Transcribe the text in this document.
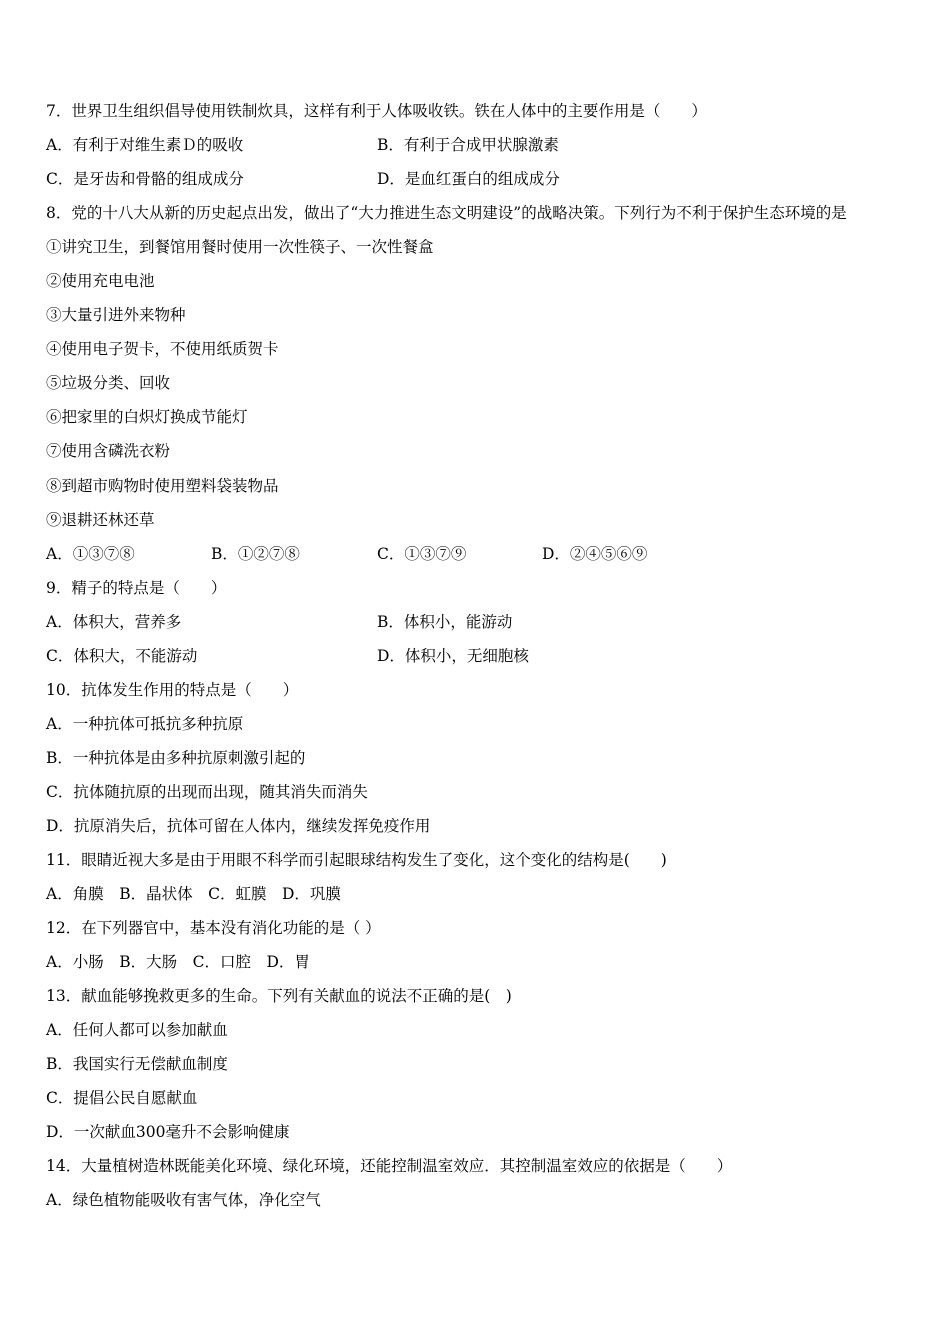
7．世界卫生组织倡导使用铁制炊具，这样有利于人体吸收铁。铁在人体中的主要作用是（　　）
A．有利于对维生素Ｄ的吸收	B．有利于合成甲状腺激素
C．是牙齿和骨骼的组成成分	D．是血红蛋白的组成成分
8．党的十八大从新的历史起点出发，做出了“大力推进生态文明建设”的战略决策。下列行为不利于保护生态环境的是
①讲究卫生，到餐馆用餐时使用一次性筷子、一次性餐盒
②使用充电电池
③大量引进外来物种
④使用电子贺卡，不使用纸质贺卡
⑤垃圾分类、回收
⑥把家里的白炽灯换成节能灯
⑦使用含磷洗衣粉
⑧到超市购物时使用塑料袋装物品
⑨退耕还林还草
A．①③⑦⑧	B．①②⑦⑧	C．①③⑦⑨	D．②④⑤⑥⑨
9．精子的特点是（　　）
A．体积大，营养多	B．体积小，能游动
C．体积大，不能游动	D．体积小，无细胞核
10．抗体发生作用的特点是（　　）
A．一种抗体可抵抗多种抗原
B．一种抗体是由多种抗原刺激引起的
C．抗体随抗原的出现而出现，随其消失而消失
D．抗原消失后，抗体可留在人体内，继续发挥免疫作用
11．眼睛近视大多是由于用眼不科学而引起眼球结构发生了变化，这个变化的结构是(　　)
A．角膜　B．晶状体　C．虹膜　D．巩膜
12．在下列器官中，基本没有消化功能的是（ ）
A．小肠　B．大肠　C．口腔　D．胃
13．献血能够挽救更多的生命。下列有关献血的说法不正确的是(　)
A．任何人都可以参加献血
B．我国实行无偿献血制度
C．提倡公民自愿献血
D．一次献血300毫升不会影响健康
14．大量植树造林既能美化环境、绿化环境，还能控制温室效应．其控制温室效应的依据是（　　）
A．绿色植物能吸收有害气体，净化空气
